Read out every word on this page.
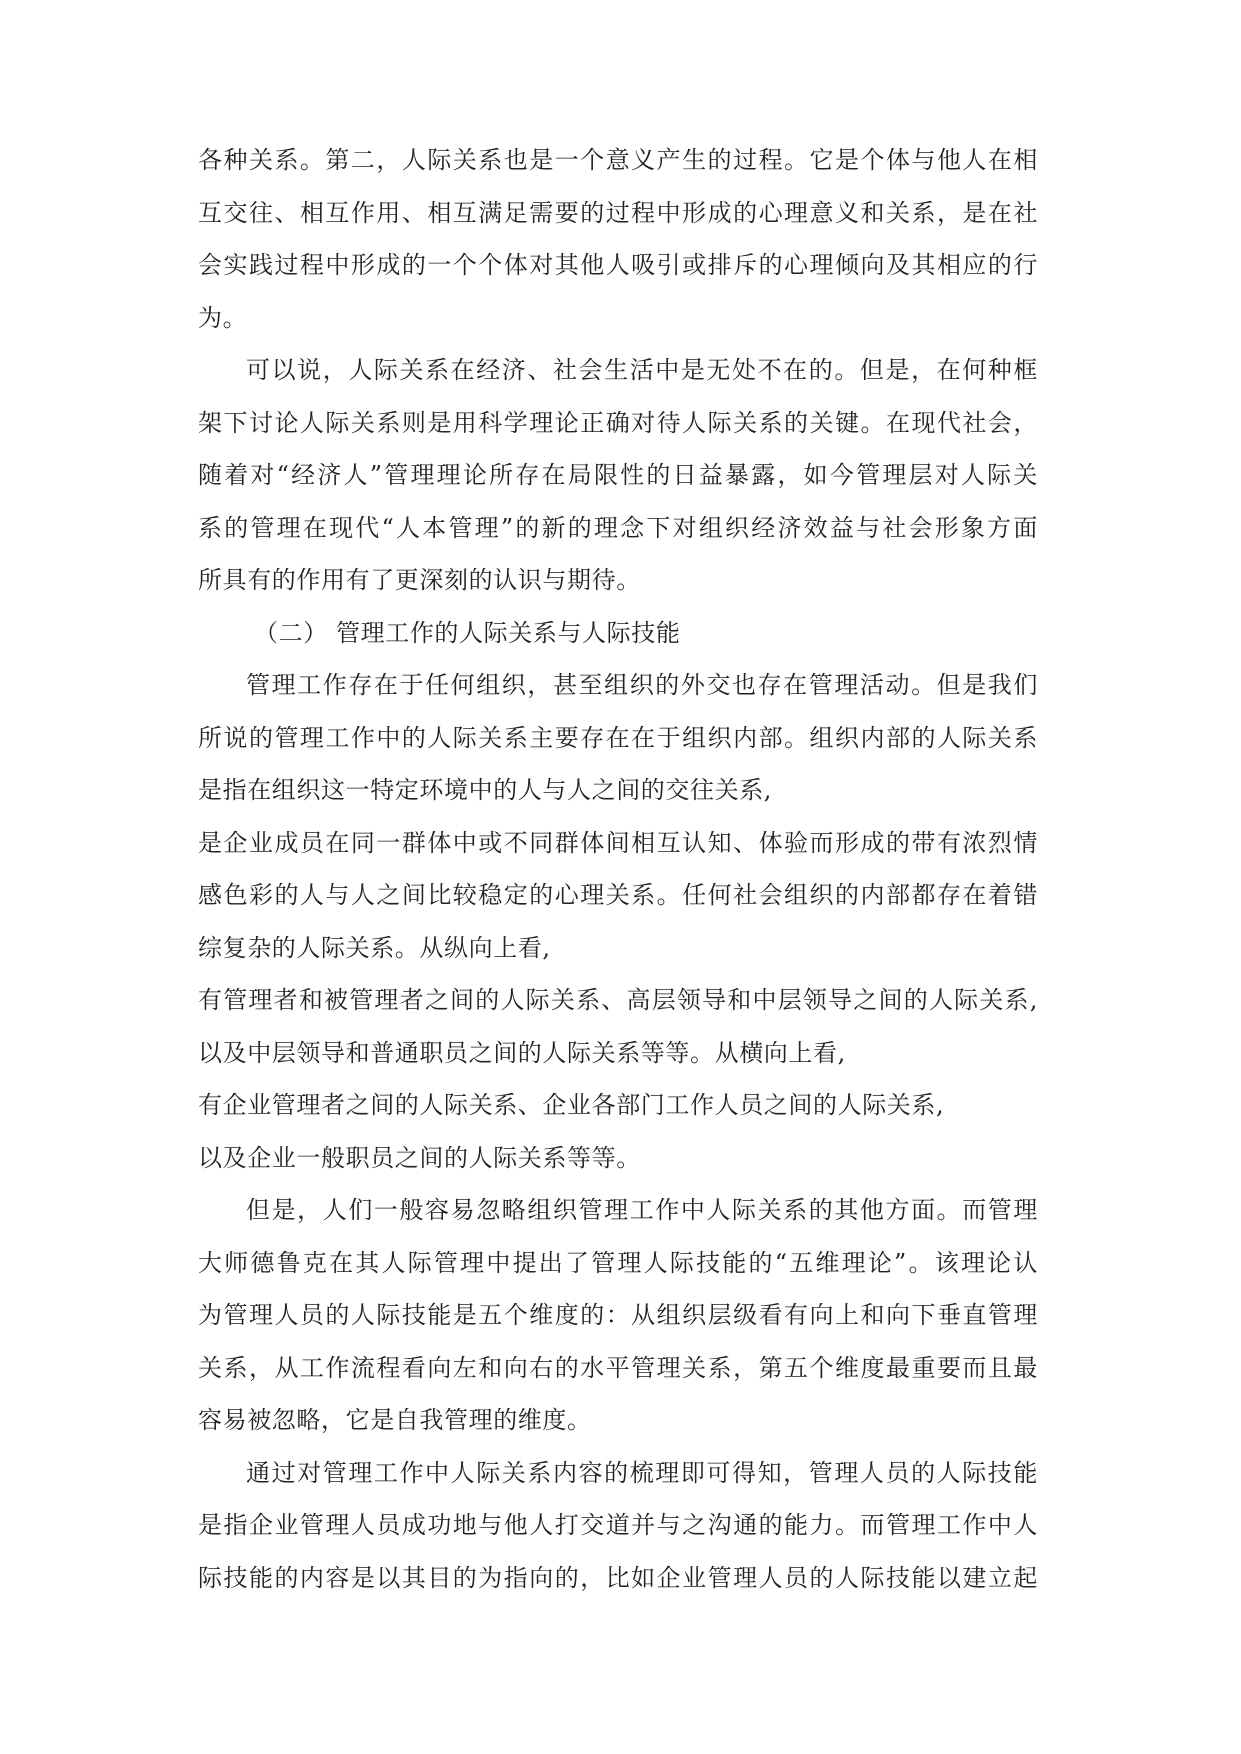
各种关系。第二，人际关系也是一个意义产生的过程。它是个体与他人在相
互交往、相互作用、相互满足需要的过程中形成的心理意义和关系，是在社
会实践过程中形成的一个个体对其他人吸引或排斥的心理倾向及其相应的行
为。
可以说，人际关系在经济、社会生活中是无处不在的。但是，在何种框
架下讨论人际关系则是用科学理论正确对待人际关系的关键。在现代社会，
随着对“经济人”管理理论所存在局限性的日益暴露，如今管理层对人际关
系的管理在现代“人本管理”的新的理念下对组织经济效益与社会形象方面
所具有的作用有了更深刻的认识与期待。
（二） 管理工作的人际关系与人际技能
管理工作存在于任何组织，甚至组织的外交也存在管理活动。但是我们
所说的管理工作中的人际关系主要存在在于组织内部。组织内部的人际关系
是指在组织这一特定环境中的人与人之间的交往关系,
是企业成员在同一群体中或不同群体间相互认知、体验而形成的带有浓烈情
感色彩的人与人之间比较稳定的心理关系。任何社会组织的内部都存在着错
综复杂的人际关系。从纵向上看,
有管理者和被管理者之间的人际关系、高层领导和中层领导之间的人际关系,
以及中层领导和普通职员之间的人际关系等等。从横向上看,
有企业管理者之间的人际关系、企业各部门工作人员之间的人际关系,
以及企业一般职员之间的人际关系等等。
但是，人们一般容易忽略组织管理工作中人际关系的其他方面。而管理
大师德鲁克在其人际管理中提出了管理人际技能的“五维理论”。该理论认
为管理人员的人际技能是五个维度的：从组织层级看有向上和向下垂直管理
关系，从工作流程看向左和向右的水平管理关系，第五个维度最重要而且最
容易被忽略，它是自我管理的维度。
通过对管理工作中人际关系内容的梳理即可得知，管理人员的人际技能
是指企业管理人员成功地与他人打交道并与之沟通的能力。而管理工作中人
际技能的内容是以其目的为指向的，比如企业管理人员的人际技能以建立起
